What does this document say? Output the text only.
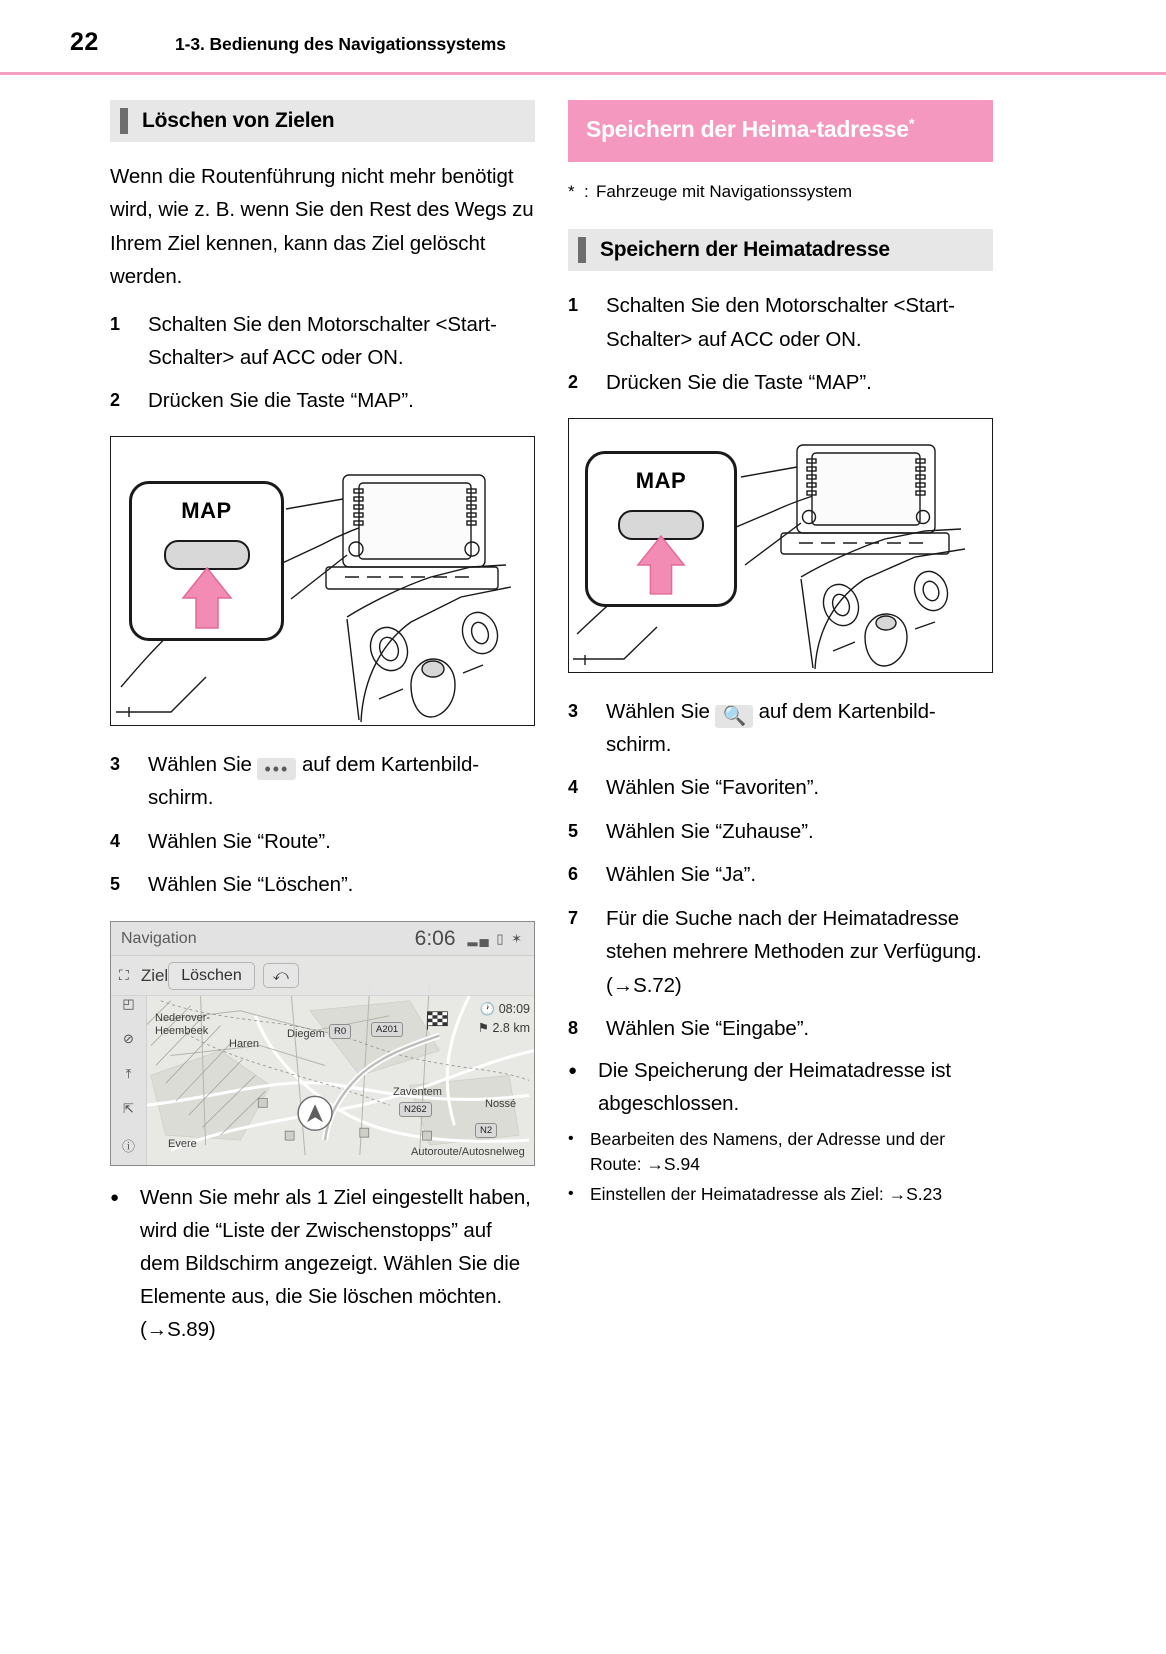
22	1-3. Bedienung des Navigationssystems
Löschen von Zielen

Wenn die Routenführung nicht mehr benötigt wird, wie z. B. wenn Sie den Rest des Wegs zu Ihrem Ziel kennen, kann das Ziel gelöscht werden.

1	Schalten Sie den Motorschalter <Start-Schalter> auf ACC oder ON.
2	Drücken Sie die Taste “MAP”.
MAP
3	Wählen Sie ••• auf dem Kartenbild-schirm.
4	Wählen Sie “Route”.
5	Wählen Sie “Löschen”.
Navigation	6:06 ▂▄ ▯ ✶
◰
⊘
⤒
⇱
ⓘ
⛶ Ziel Löschen	⤺
🕐 08:09
⚑ 2.8 km
Nederover-
Heembeek	Diegem
Haren
Zaventem
Nossé
Evere
Autoroute/Autosnelweg
R0	A201
N262
N2
●	Wenn Sie mehr als 1 Ziel eingestellt haben, wird die “Liste der Zwischenstopps” auf dem Bildschirm angezeigt. Wählen Sie die Elemente aus, die Sie löschen möchten. (→S.89)
Speichern der Heima-tadresse*
* : Fahrzeuge mit Navigationssystem
Speichern der Heimatadresse
1	Schalten Sie den Motorschalter <Start-Schalter> auf ACC oder ON.
2	Drücken Sie die Taste “MAP”.
MAP
3	Wählen Sie 🔍 auf dem Kartenbild-schirm.
4	Wählen Sie “Favoriten”.
5	Wählen Sie “Zuhause”.
6	Wählen Sie “Ja”.
7	Für die Suche nach der Heimatadresse stehen mehrere Methoden zur Verfügung. (→S.72)
8	Wählen Sie “Eingabe”.
●	Die Speicherung der Heimatadresse ist abgeschlossen.
• Bearbeiten des Namens, der Adresse und der Route: →S.94
• Einstellen der Heimatadresse als Ziel: →S.23
